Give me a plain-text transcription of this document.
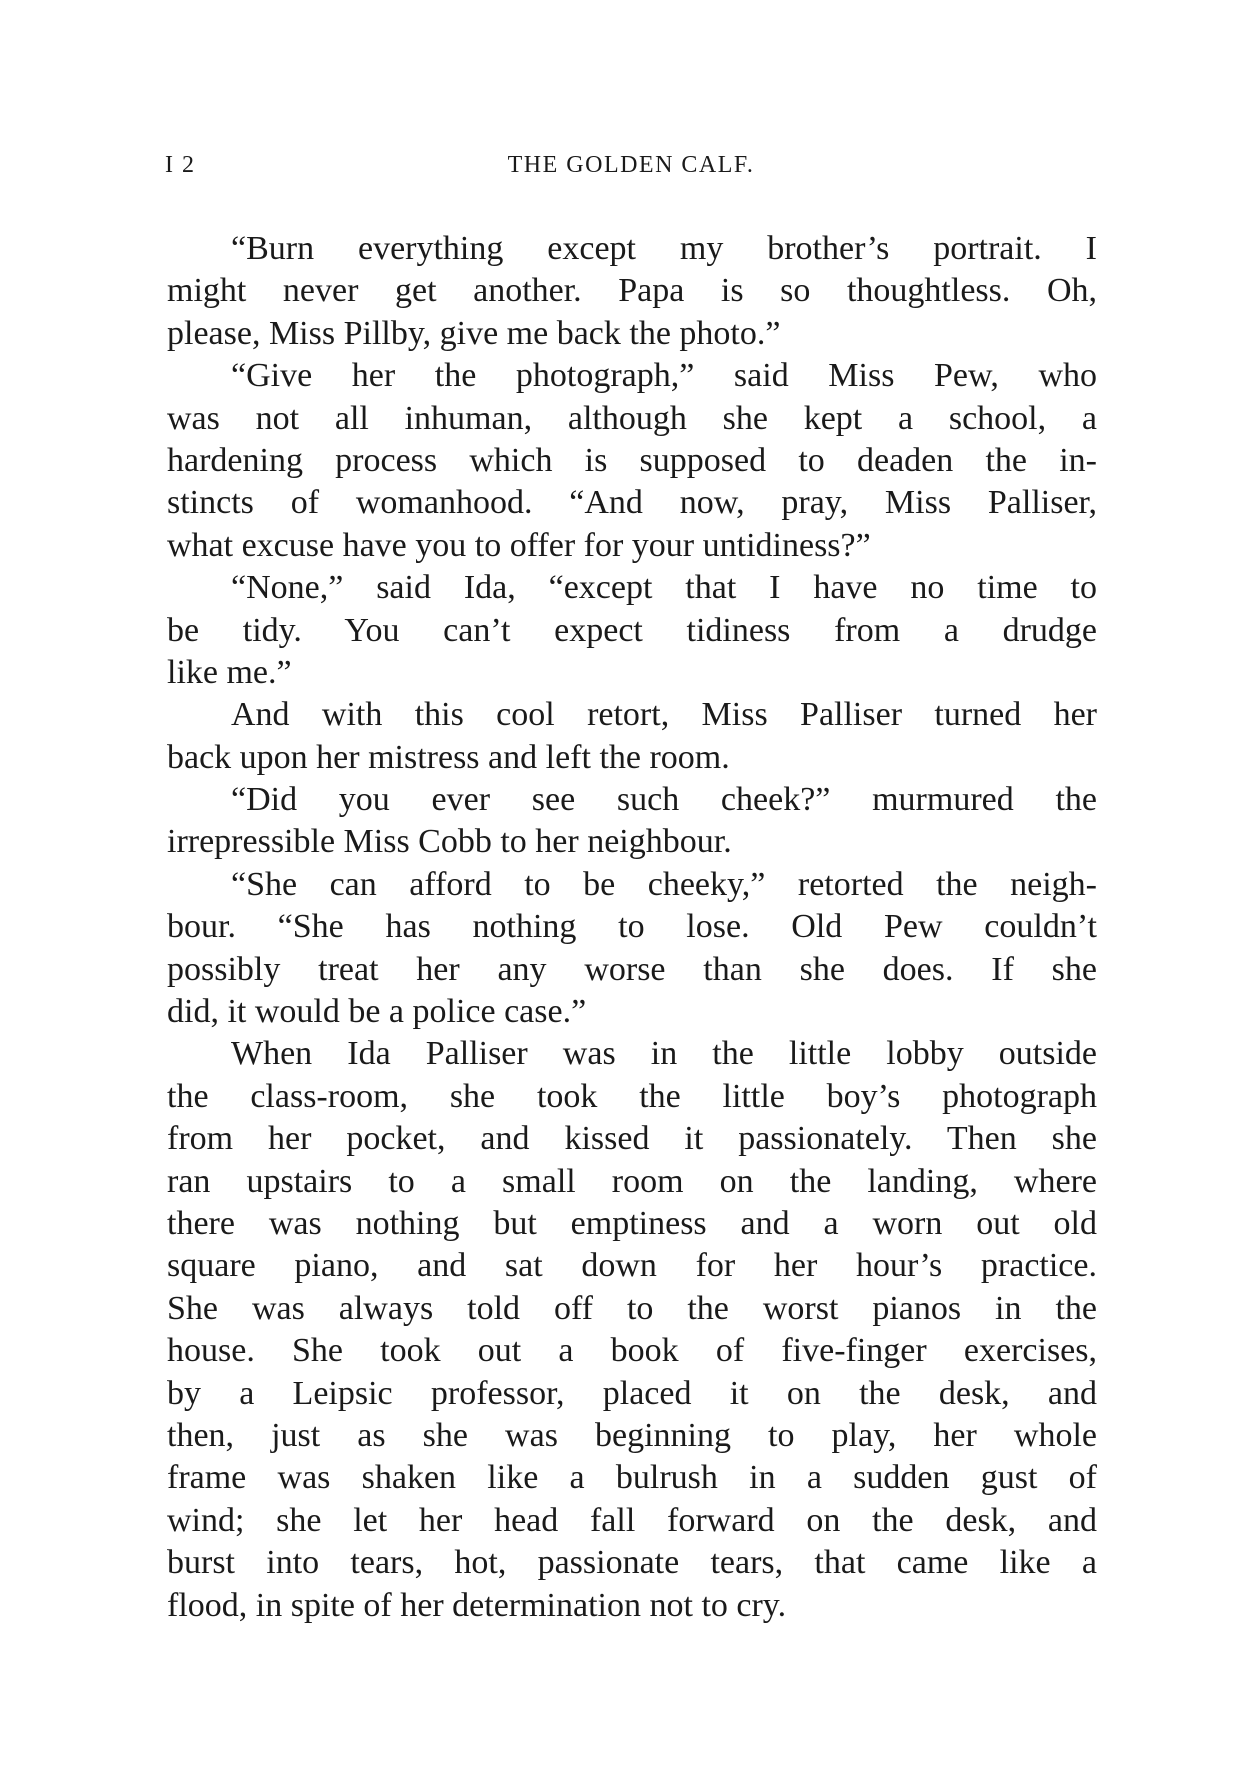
I 2	THE GOLDEN CALF.
“Burn everything except my brother’s portrait. I
might never get another. Papa is so thoughtless. Oh,
please, Miss Pillby, give me back the photo.”
“Give her the photograph,” said Miss Pew, who
was not all inhuman, although she kept a school, a
hardening process which is supposed to deaden the in-
stincts of womanhood. “And now, pray, Miss Palliser,
what excuse have you to offer for your untidiness?”
“None,” said Ida, “except that I have no time to
be tidy. You can’t expect tidiness from a drudge
like me.”
And with this cool retort, Miss Palliser turned her
back upon her mistress and left the room.
“Did you ever see such cheek?” murmured the
irrepressible Miss Cobb to her neighbour.
“She can afford to be cheeky,” retorted the neigh-
bour. “She has nothing to lose. Old Pew couldn’t
possibly treat her any worse than she does. If she
did, it would be a police case.”
When Ida Palliser was in the little lobby outside
the class-room, she took the little boy’s photograph
from her pocket, and kissed it passionately. Then she
ran upstairs to a small room on the landing, where
there was nothing but emptiness and a worn out old
square piano, and sat down for her hour’s practice.
She was always told off to the worst pianos in the
house. She took out a book of five-finger exercises,
by a Leipsic professor, placed it on the desk, and
then, just as she was beginning to play, her whole
frame was shaken like a bulrush in a sudden gust of
wind; she let her head fall forward on the desk, and
burst into tears, hot, passionate tears, that came like a
flood, in spite of her determination not to cry.
